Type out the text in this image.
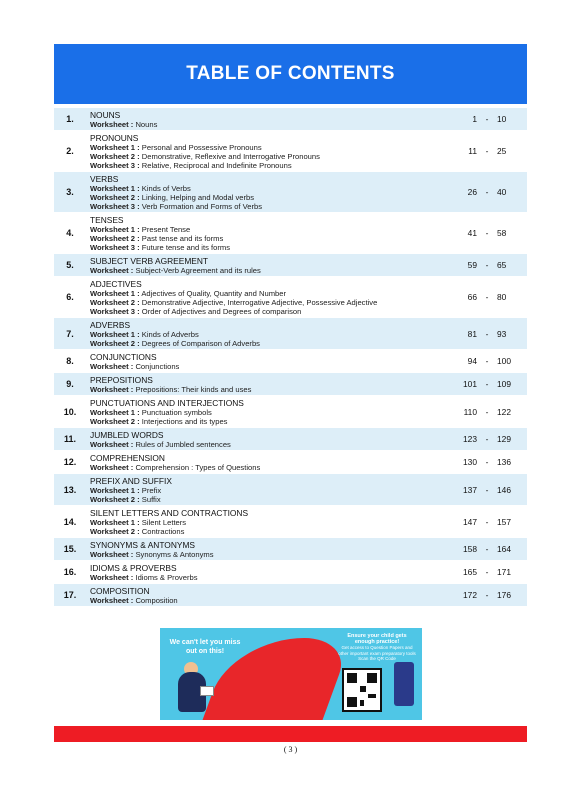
TABLE OF CONTENTS
1.	NOUNS
Worksheet : Nouns
1	-	10
2.
PRONOUNS
Worksheet 1 : Personal and Possessive Pronouns
Worksheet 2 : Demonstrative, Reflexive and Interrogative Pronouns
Worksheet 3 : Relative, Reciprocal and Indefinite Pronouns
11	-	25
3.
VERBS
Worksheet 1 : Kinds of Verbs
Worksheet 2 : Linking, Helping and Modal verbs
Worksheet 3 : Verb Formation and Forms of Verbs
26	-	40
4.
TENSES
Worksheet 1 : Present Tense
Worksheet 2 : Past tense and its forms
Worksheet 3 : Future tense and its forms
41	-	58
5.	SUBJECT VERB AGREEMENT
Worksheet : Subject-Verb Agreement and its rules
59	-	65
6.
ADJECTIVES
Worksheet 1 : Adjectives of Quality, Quantity and Number
Worksheet 2 : Demonstrative Adjective, Interrogative Adjective, Possessive Adjective
Worksheet 3 : Order of Adjectives and Degrees of comparison
66	-	80
7.
ADVERBS
Worksheet 1 : Kinds of Adverbs
Worksheet 2 : Degrees of Comparison of Adverbs
81	-	93
8.	CONJUNCTIONS
Worksheet : Conjunctions
94	-	100
9.	PREPOSITIONS
Worksheet : Prepositions: Their kinds and uses
101	-	109
10.
PUNCTUATIONS AND INTERJECTIONS
Worksheet 1 : Punctuation symbols
Worksheet 2 : Interjections and its types
110	-	122
11.	JUMBLED WORDS
Worksheet : Rules of Jumbled sentences
123	-	129
12.	COMPREHENSION
Worksheet : Comprehension : Types of Questions
130	-	136
13.
PREFIX AND SUFFIX
Worksheet 1 : Prefix
Worksheet 2 : Suffix
137	-	146
14.
SILENT LETTERS AND CONTRACTIONS
Worksheet 1 : Silent Letters
Worksheet 2 : Contractions
147	-	157
15.	SYNONYMS & ANTONYMS
Worksheet : Synonyms & Antonyms
158	-	164
16.	IDIOMS & PROVERBS
Worksheet : Idioms & Proverbs
165	-	171
17.	COMPOSITION
Worksheet : Composition
172	-	176
We can't let you miss out on this!
Ensure your child gets enough practice!
Get access to Question Papers and other important exam preparatory tools
Scan the QR Code
( 3 )
